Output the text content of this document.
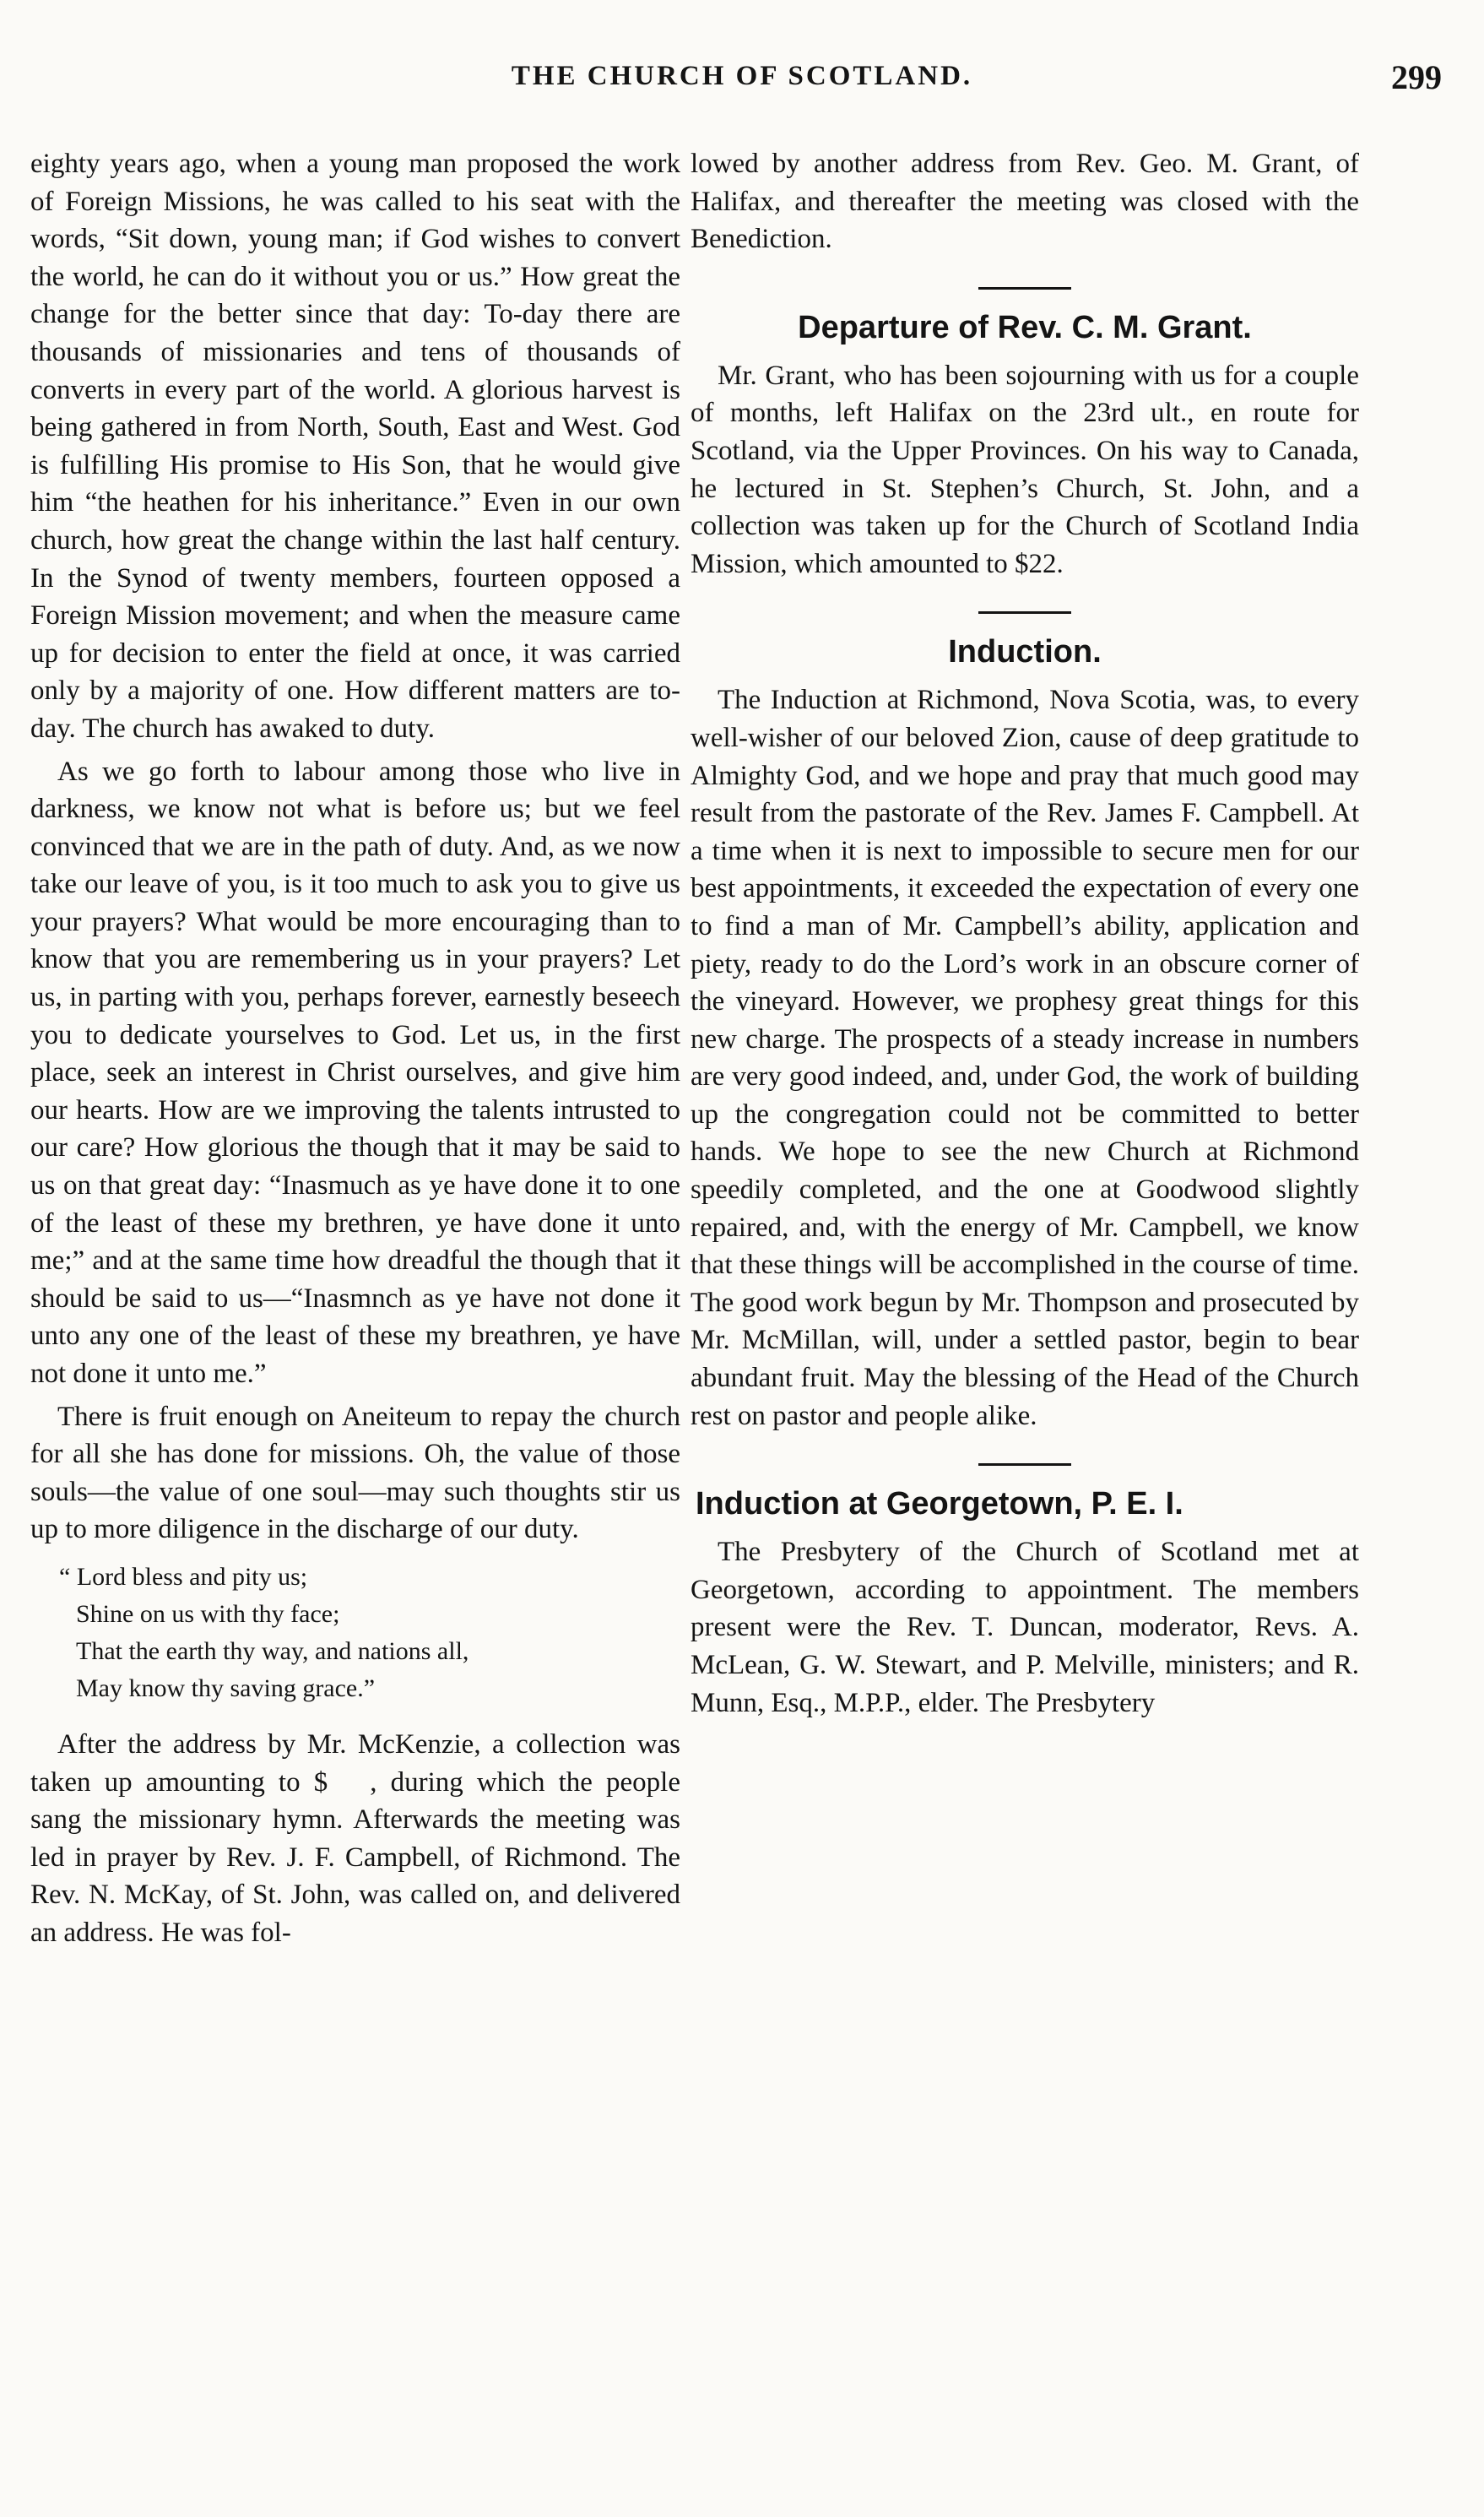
THE CHURCH OF SCOTLAND.	299

eighty years ago, when a young man proposed the work of Foreign Missions, he was called to his seat with the words, “Sit down, young man; if God wishes to convert the world, he can do it without you or us.” How great the change for the better since that day: To-day there are thousands of missionaries and tens of thousands of converts in every part of the world. A glorious harvest is being gathered in from North, South, East and West. God is fulfilling His promise to His Son, that he would give him “the heathen for his inheritance.” Even in our own church, how great the change within the last half century. In the Synod of twenty members, fourteen opposed a Foreign Mission movement; and when the measure came up for decision to enter the field at once, it was carried only by a majority of one. How different matters are to-day. The church has awaked to duty.

As we go forth to labour among those who live in darkness, we know not what is before us; but we feel convinced that we are in the path of duty. And, as we now take our leave of you, is it too much to ask you to give us your prayers? What would be more encouraging than to know that you are remembering us in your prayers? Let us, in parting with you, perhaps forever, earnestly beseech you to dedicate yourselves to God. Let us, in the first place, seek an interest in Christ ourselves, and give him our hearts. How are we improving the talents intrusted to our care? How glorious the though that it may be said to us on that great day: “Inasmuch as ye have done it to one of the least of these my brethren, ye have done it unto me;” and at the same time how dreadful the though that it should be said to us—“Inasmnch as ye have not done it unto any one of the least of these my breathren, ye have not done it unto me.”

There is fruit enough on Aneiteum to repay the church for all she has done for missions. Oh, the value of those souls—the value of one soul—may such thoughts stir us up to more diligence in the discharge of our duty.

“ Lord bless and pity us;
Shine on us with thy face;
That the earth thy way, and nations all,
May know thy saving grace.”

After the address by Mr. McKenzie, a collection was taken up amounting to $ , during which the people sang the missionary hymn. Afterwards the meeting was led in prayer by Rev. J. F. Campbell, of Richmond. The Rev. N. McKay, of St. John, was called on, and delivered an address. He was fol-

lowed by another address from Rev. Geo. M. Grant, of Halifax, and thereafter the meeting was closed with the Benediction.

Departure of Rev. C. M. Grant.

Mr. Grant, who has been sojourning with us for a couple of months, left Halifax on the 23rd ult., en route for Scotland, via the Upper Provinces. On his way to Canada, he lectured in St. Stephen’s Church, St. John, and a collection was taken up for the Church of Scotland India Mission, which amounted to $22.

Induction.

The Induction at Richmond, Nova Scotia, was, to every well-wisher of our beloved Zion, cause of deep gratitude to Almighty God, and we hope and pray that much good may result from the pastorate of the Rev. James F. Campbell. At a time when it is next to impossible to secure men for our best appointments, it exceeded the expectation of every one to find a man of Mr. Campbell’s ability, application and piety, ready to do the Lord’s work in an obscure corner of the vineyard. However, we prophesy great things for this new charge. The prospects of a steady increase in numbers are very good indeed, and, under God, the work of building up the congregation could not be committed to better hands. We hope to see the new Church at Richmond speedily completed, and the one at Goodwood slightly repaired, and, with the energy of Mr. Campbell, we know that these things will be accomplished in the course of time. The good work begun by Mr. Thompson and prosecuted by Mr. McMillan, will, under a settled pastor, begin to bear abundant fruit. May the blessing of the Head of the Church rest on pastor and people alike.

Induction at Georgetown, P. E. I.

The Presbytery of the Church of Scotland met at Georgetown, according to appointment. The members present were the Rev. T. Duncan, moderator, Revs. A. McLean, G. W. Stewart, and P. Melville, ministers; and R. Munn, Esq., M.P.P., elder. The Presbytery
